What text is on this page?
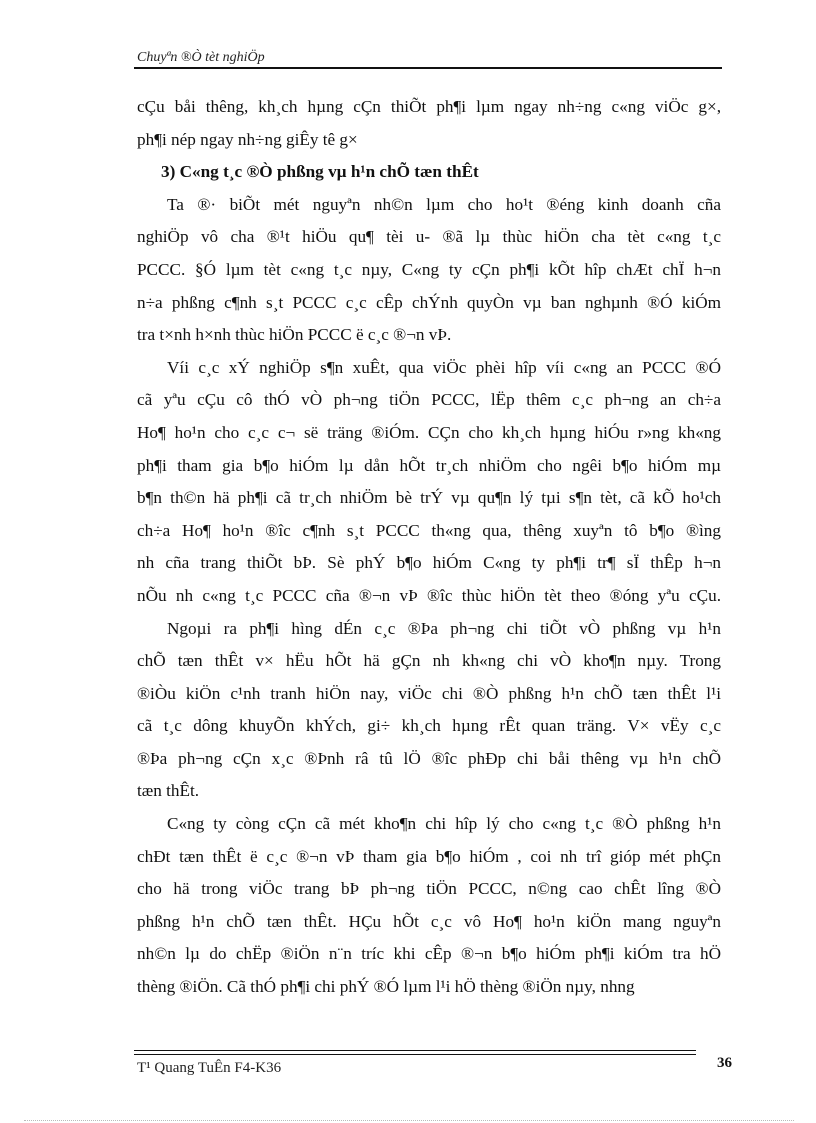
Chuyªn ®Ò tèt nghiÖp
cÇu båi thêng, kh¸ch hµng cÇn thiÕt ph¶i lµm ngay nh÷ng c«ng viÖc g×,
ph¶i nép ngay nh÷ng giÊy tê g×
3) C«ng t¸c ®Ò phßng vµ h¹n chÕ tæn thÊt
Ta ®· biÕt mét nguyªn nh©n lµm cho ho¹t ®éng kinh doanh cña
nghiÖp vô cha ®¹t hiÖu qu¶ tèi u- ®ã lµ thùc hiÖn cha tèt c«ng t¸c
PCCC. §Ó lµm tèt c«ng t¸c nµy, C«ng ty cÇn ph¶i kÕt hîp chÆt chÏ h¬n
n÷a phßng c¶nh s¸t PCCC c¸c cÊp chÝnh quyÒn vµ ban nghµnh ®Ó kiÓm
tra t×nh h×nh thùc hiÖn PCCC ë c¸c ®¬n vÞ.
Víi c¸c xÝ nghiÖp s¶n xuÊt, qua viÖc phèi hîp víi c«ng an PCCC ®Ó
cã yªu cÇu cô thÓ vÒ ph¬ng tiÖn PCCC, lËp thêm c¸c ph¬ng an ch÷a
Ho¶ ho¹n cho c¸c c¬ së träng ®iÓm. CÇn cho kh¸ch hµng hiÓu r»ng kh«ng
ph¶i tham gia b¶o hiÓm lµ dån hÕt tr¸ch nhiÖm cho ngêi b¶o hiÓm mµ
b¶n th©n hä ph¶i cã tr¸ch nhiÖm bè trÝ vµ qu¶n lý tµi s¶n tèt, cã kÕ ho¹ch
ch÷a Ho¶ ho¹n ®îc c¶nh s¸t PCCC th«ng qua, thêng xuyªn tô b¶o ®ìng
nh cña trang thiÕt bÞ. Sè phÝ b¶o hiÓm C«ng ty ph¶i tr¶ sÏ thÊp h¬n
nÕu nh c«ng t¸c PCCC cña ®¬n vÞ ®îc thùc hiÖn tèt theo ®óng yªu cÇu.
Ngoµi ra ph¶i hìng dÉn c¸c ®Þa ph¬ng chi tiÕt vÒ phßng vµ h¹n
chÕ tæn thÊt v× hËu hÕt hä gÇn nh kh«ng chi vÒ kho¶n nµy. Trong
®iÒu kiÖn c¹nh tranh hiÖn nay, viÖc chi ®Ò phßng h¹n chÕ tæn thÊt l¹i
cã t¸c dông khuyÕn khÝch, gi÷ kh¸ch hµng rÊt quan träng. V× vËy c¸c
®Þa ph¬ng cÇn x¸c ®Þnh râ tû lÖ ®îc phÐp chi båi thêng vµ h¹n chÕ
tæn thÊt.
C«ng ty còng cÇn cã mét kho¶n chi hîp lý cho c«ng t¸c ®Ò phßng h¹n
chÐt tæn thÊt ë c¸c ®¬n vÞ tham gia b¶o hiÓm , coi nh trî gióp mét phÇn
cho hä trong viÖc trang bÞ ph¬ng tiÖn PCCC, n©ng cao chÊt lîng ®Ò
phßng h¹n chÕ tæn thÊt. HÇu hÕt c¸c vô Ho¶ ho¹n kiÖn mang nguyªn
nh©n lµ do chËp ®iÖn n¨n tríc khi cÊp ®¬n b¶o hiÓm ph¶i kiÓm tra hÖ
thèng ®iÖn. Cã thÓ ph¶i chi phÝ ®Ó lµm l¹i hÖ thèng ®iÖn nµy, nhng
T¹ Quang TuÊn F4-K36	36
